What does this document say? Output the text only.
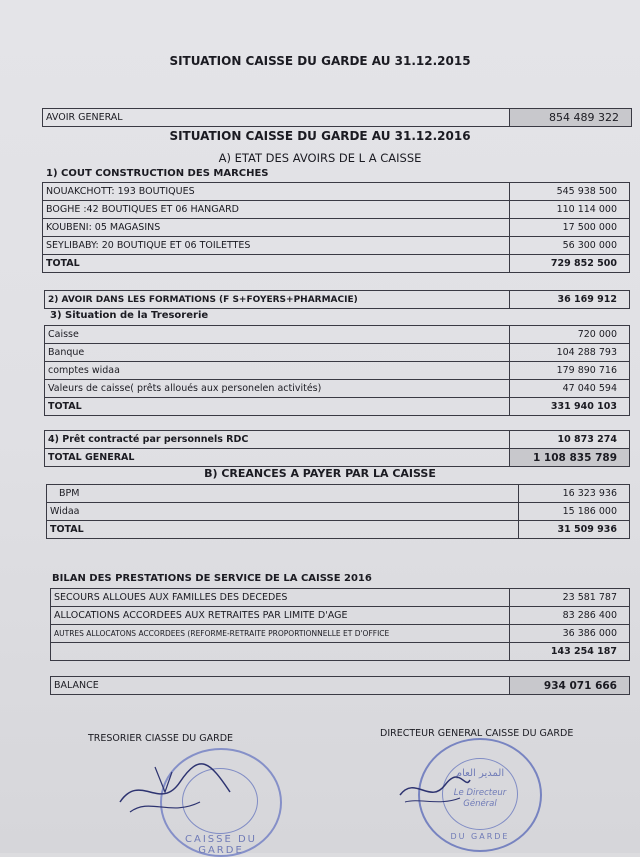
SITUATION CAISSE DU GARDE AU 31.12.2015
AVOIR GENERAL	854 489 322
SITUATION CAISSE DU GARDE AU 31.12.2016
A) ETAT DES AVOIRS DE L A CAISSE
1) COUT CONSTRUCTION DES MARCHES
NOUAKCHOTT: 193 BOUTIQUES	545 938 500
BOGHE :42 BOUTIQUES ET 06 HANGARD	110 114 000
KOUBENI: 05 MAGASINS	17 500 000
SEYLIBABY: 20 BOUTIQUE ET 06 TOILETTES	56 300 000
TOTAL	729 852 500
2) AVOIR DANS LES FORMATIONS (F S+FOYERS+PHARMACIE)	36 169 912
3) Situation de la Tresorerie
Caisse	720 000
Banque	104 288 793
comptes widaa	179 890 716
Valeurs de caisse( prêts alloués aux personelen activités)	47 040 594
TOTAL	331 940 103
4) Prêt contracté par personnels RDC	10 873 274
TOTAL GENERAL	1 108 835 789
B) CREANCES A PAYER PAR LA CAISSE
BPM	16 323 936
Widaa	15 186 000
TOTAL	31 509 936
BILAN DES PRESTATIONS DE SERVICE DE LA CAISSE 2016
SECOURS ALLOUES AUX FAMILLES DES DECEDES	23 581 787
ALLOCATIONS ACCORDEES AUX RETRAITES PAR LIMITE D'AGE	83 286 400
AUTRES ALLOCATONS ACCORDEES (REFORME-RETRAITE PROPORTIONNELLE ET D'OFFICE	36 386 000
	143 254 187
BALANCE	934 071 666
TRESORIER CIASSE DU GARDE	DIRECTEUR GENERAL CAISSE DU GARDE
CAISSE DU GARDE
المدير العام
Le Directeur
Général
DU GARDE
